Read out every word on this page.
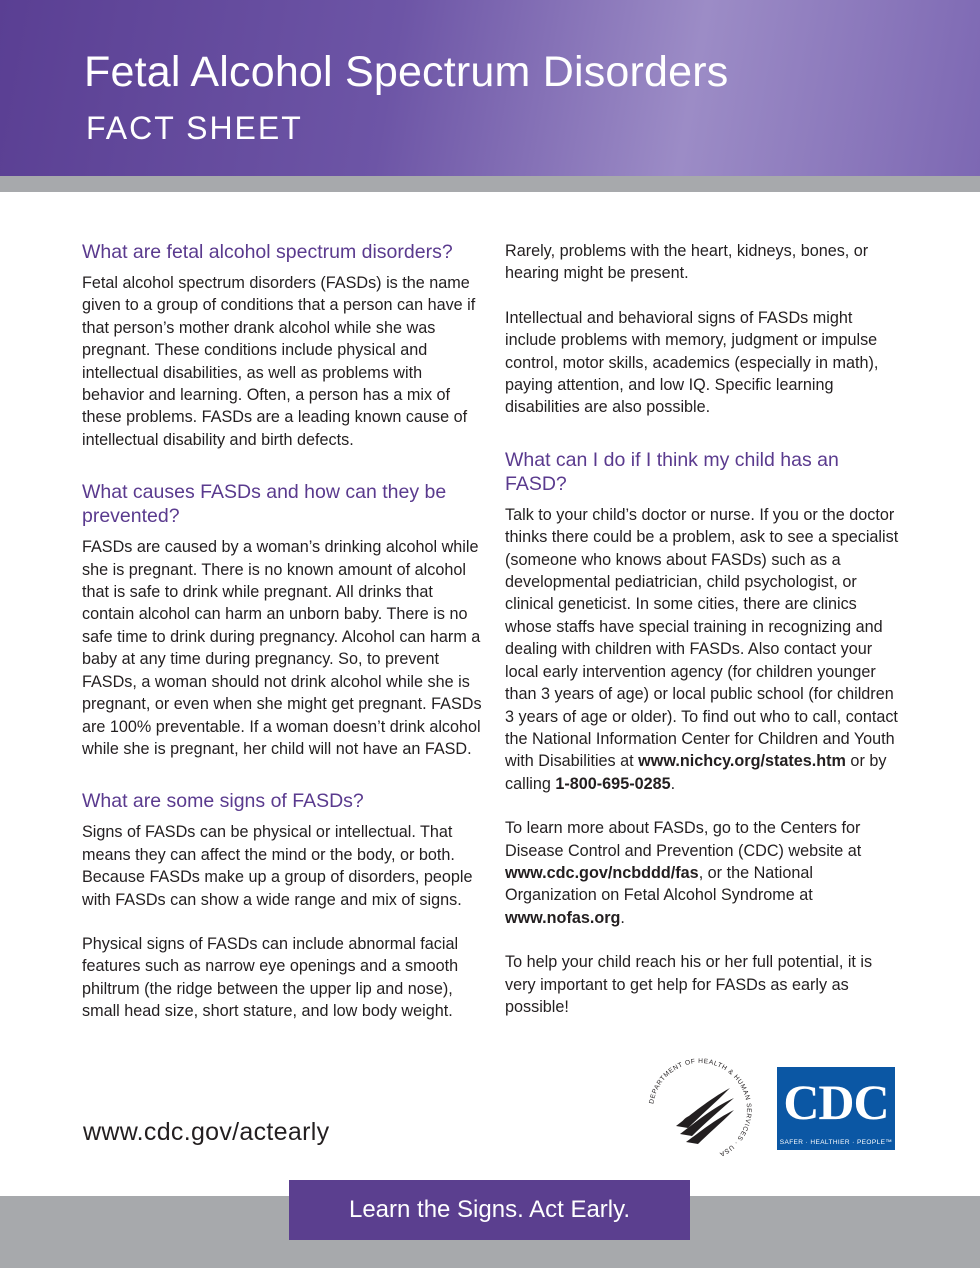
Fetal Alcohol Spectrum Disorders
FACT SHEET
What are fetal alcohol spectrum disorders?

Fetal alcohol spectrum disorders (FASDs) is the name given to a group of conditions that a person can have if that person’s mother drank alcohol while she was pregnant. These conditions include physical and intellectual disabilities, as well as problems with behavior and learning. Often, a person has a mix of these problems. FASDs are a leading known cause of intellectual disability and birth defects.

What causes FASDs and how can they be prevented?

FASDs are caused by a woman’s drinking alcohol while she is pregnant. There is no known amount of alcohol that is safe to drink while pregnant. All drinks that contain alcohol can harm an unborn baby. There is no safe time to drink during pregnancy. Alcohol can harm a baby at any time during pregnancy. So, to prevent FASDs, a woman should not drink alcohol while she is pregnant, or even when she might get pregnant. FASDs are 100% preventable. If a woman doesn’t drink alcohol while she is pregnant, her child will not have an FASD.

What are some signs of FASDs?

Signs of FASDs can be physical or intellectual. That means they can affect the mind or the body, or both. Because FASDs make up a group of disorders, people with FASDs can show a wide range and mix of signs.

Physical signs of FASDs can include abnormal facial features such as narrow eye openings and a smooth philtrum (the ridge between the upper lip and nose), small head size, short stature, and low body weight.

Rarely, problems with the heart, kidneys, bones, or hearing might be present.

Intellectual and behavioral signs of FASDs might include problems with memory, judgment or impulse control, motor skills, academics (especially in math), paying attention, and low IQ. Specific learning disabilities are also possible.

What can I do if I think my child has an FASD?

Talk to your child’s doctor or nurse. If you or the doctor thinks there could be a problem, ask to see a specialist (someone who knows about FASDs) such as a developmental pediatrician, child psychologist, or clinical geneticist. In some cities, there are clinics whose staffs have special training in recognizing and dealing with children with FASDs. Also contact your local early intervention agency (for children younger than 3 years of age) or local public school (for children 3 years of age or older). To find out who to call, contact the National Information Center for Children and Youth with Disabilities at www.nichcy.org/states.htm or by calling 1-800-695-0285.

To learn more about FASDs, go to the Centers for Disease Control and Prevention (CDC) website at www.cdc.gov/ncbddd/fas, or the National Organization on Fetal Alcohol Syndrome at www.nofas.org.

To help your child reach his or her full potential, it is very important to get help for FASDs as early as possible!

www.cdc.gov/actearly
DEPARTMENT OF HEALTH & HUMAN SERVICES · USA
CDC
SAFER · HEALTHIER · PEOPLE™
Learn the Signs. Act Early.
